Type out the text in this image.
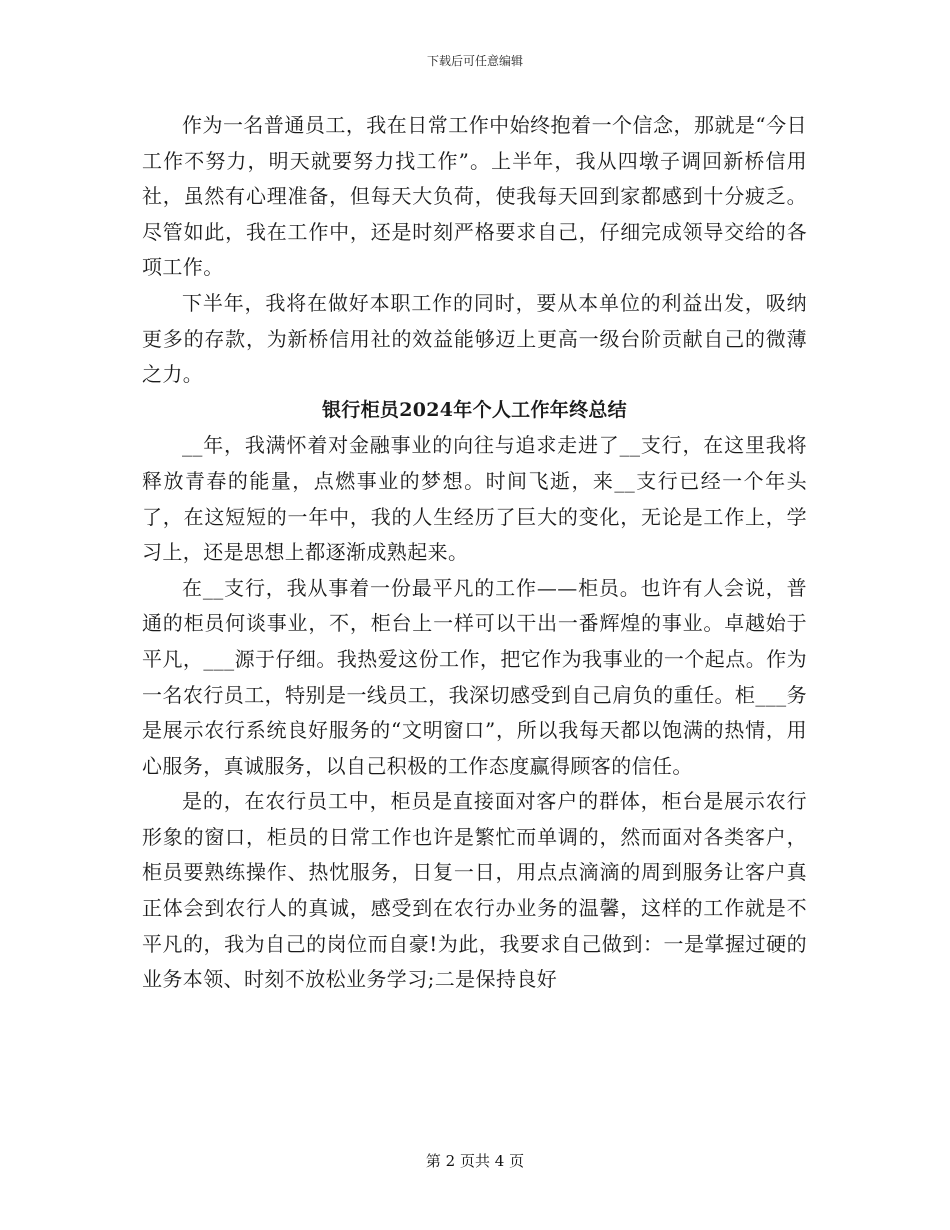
下载后可任意编辑

作为一名普通员工，我在日常工作中始终抱着一个信念，那就是“今日工作不努力，明天就要努力找工作”。上半年，我从四墩子调回新桥信用社，虽然有心理准备，但每天大负荷，使我每天回到家都感到十分疲乏。尽管如此，我在工作中，还是时刻严格要求自己，仔细完成领导交给的各项工作。

下半年，我将在做好本职工作的同时，要从本单位的利益出发，吸纳更多的存款，为新桥信用社的效益能够迈上更高一级台阶贡献自己的微薄之力。

银行柜员2024年个人工作年终总结

__年，我满怀着对金融事业的向往与追求走进了__支行，在这里我将释放青春的能量，点燃事业的梦想。时间飞逝，来__支行已经一个年头了，在这短短的一年中，我的人生经历了巨大的变化，无论是工作上，学习上，还是思想上都逐渐成熟起来。

在__支行，我从事着一份最平凡的工作——柜员。也许有人会说，普通的柜员何谈事业，不，柜台上一样可以干出一番辉煌的事业。卓越始于平凡，___源于仔细。我热爱这份工作，把它作为我事业的一个起点。作为一名农行员工，特别是一线员工，我深切感受到自己肩负的重任。柜___务是展示农行系统良好服务的“文明窗口”，所以我每天都以饱满的热情，用心服务，真诚服务，以自己积极的工作态度赢得顾客的信任。

是的，在农行员工中，柜员是直接面对客户的群体，柜台是展示农行形象的窗口，柜员的日常工作也许是繁忙而单调的，然而面对各类客户，柜员要熟练操作、热忱服务，日复一日，用点点滴滴的周到服务让客户真正体会到农行人的真诚，感受到在农行办业务的温馨，这样的工作就是不平凡的，我为自己的岗位而自豪!为此，我要求自己做到：一是掌握过硬的业务本领、时刻不放松业务学习;二是保持良好

第 2 页共 4 页
